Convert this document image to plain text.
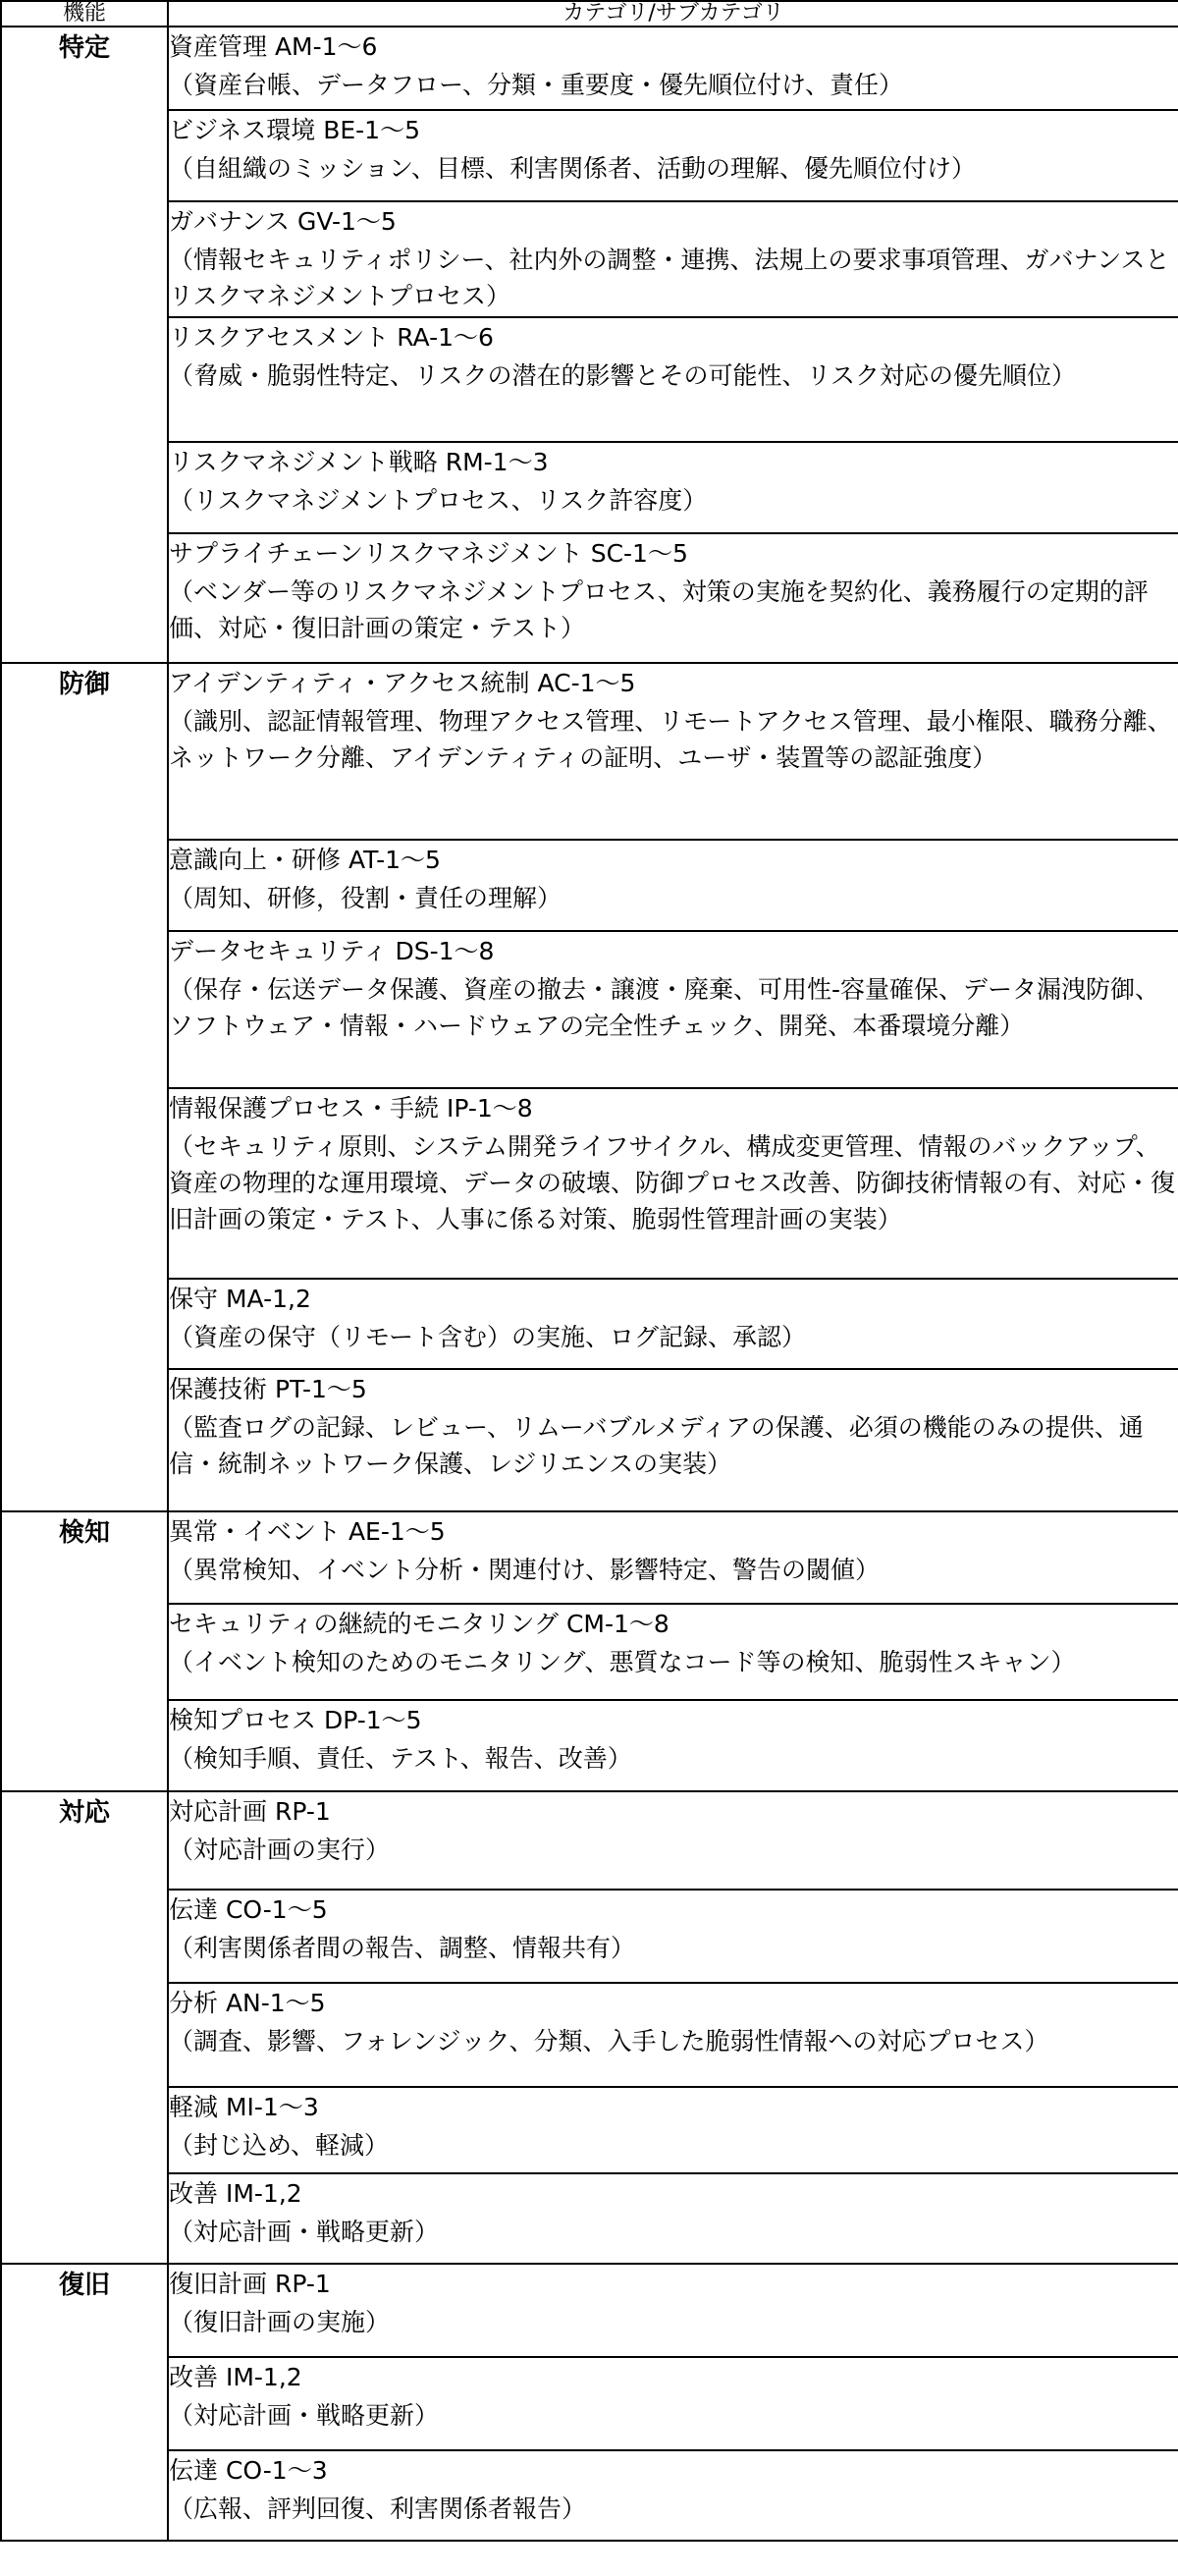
機能	カテゴリ/サブカテゴリ
特定	資産管理 AM-1～6
（資産台帳、データフロー、分類・重要度・優先順位付け、責任）

	ビジネス環境 BE-1～5
（自組織のミッション、目標、利害関係者、活動の理解、優先順位付け）

	ガバナンス GV-1～5
（情報セキュリティポリシー、社内外の調整・連携、法規上の要求事項管理、ガバナンスとリスクマネジメントプロセス）

	リスクアセスメント RA-1～6
（脅威・脆弱性特定、リスクの潜在的影響とその可能性、リスク対応の優先順位）

	リスクマネジメント戦略 RM-1～3
（リスクマネジメントプロセス、リスク許容度）

	サプライチェーンリスクマネジメント SC-1～5
（ベンダー等のリスクマネジメントプロセス、対策の実施を契約化、義務履行の定期的評価、対応・復旧計画の策定・テスト）

防御	アイデンティティ・アクセス統制 AC-1～5
（識別、認証情報管理、物理アクセス管理、リモートアクセス管理、最小権限、職務分離、ネットワーク分離、アイデンティティの証明、ユーザ・装置等の認証強度）

	意識向上・研修 AT-1～5
（周知、研修，役割・責任の理解）

	データセキュリティ DS-1～8
（保存・伝送データ保護、資産の撤去・譲渡・廃棄、可用性-容量確保、データ漏洩防御、ソフトウェア・情報・ハードウェアの完全性チェック、開発、本番環境分離）

	情報保護プロセス・手続 IP-1～8
（セキュリティ原則、システム開発ライフサイクル、構成変更管理、情報のバックアップ、資産の物理的な運用環境、データの破壊、防御プロセス改善、防御技術情報の有、対応・復旧計画の策定・テスト、人事に係る対策、脆弱性管理計画の実装）

	保守 MA-1,2
（資産の保守（リモート含む）の実施、ログ記録、承認）

	保護技術 PT-1～5
（監査ログの記録、レビュー、リムーバブルメディアの保護、必須の機能のみの提供、通信・統制ネットワーク保護、レジリエンスの実装）

検知	異常・イベント AE-1～5
（異常検知、イベント分析・関連付け、影響特定、警告の閾値）

	セキュリティの継続的モニタリング CM-1～8
（イベント検知のためのモニタリング、悪質なコード等の検知、脆弱性スキャン）

	検知プロセス DP-1～5
（検知手順、責任、テスト、報告、改善）

対応	対応計画 RP-1
（対応計画の実行）

	伝達 CO-1～5
（利害関係者間の報告、調整、情報共有）

	分析 AN-1～5
（調査、影響、フォレンジック、分類、入手した脆弱性情報への対応プロセス）

	軽減 MI-1～3
（封じ込め、軽減）

	改善 IM-1,2
（対応計画・戦略更新）

復旧	復旧計画 RP-1
（復旧計画の実施）

	改善 IM-1,2
（対応計画・戦略更新）

	伝達 CO-1～3
（広報、評判回復、利害関係者報告）
